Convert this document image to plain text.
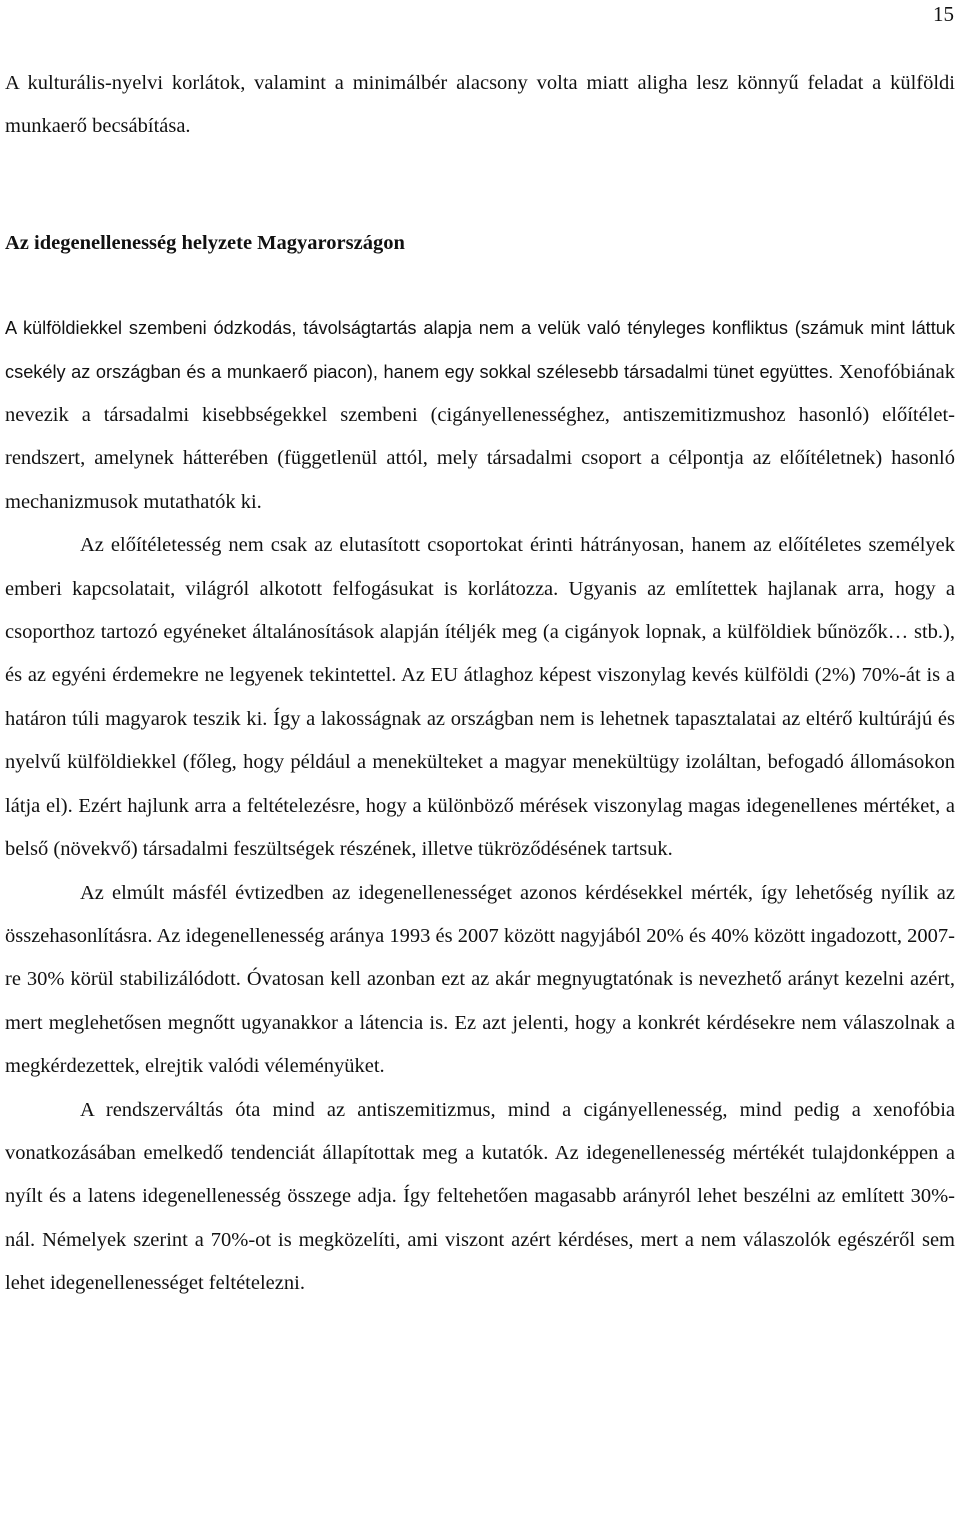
15

A kulturális-nyelvi korlátok, valamint a minimálbér alacsony volta miatt aligha lesz könnyű feladat a külföldi munkaerő becsábítása.

Az idegenellenesség helyzete Magyarországon

A külföldiekkel szembeni ódzkodás, távolságtartás alapja nem a velük való tényleges konfliktus (számuk mint láttuk csekély az országban és a munkaerő piacon), hanem egy sokkal szélesebb társadalmi tünet együttes. Xenofóbiának nevezik a társadalmi kisebbségekkel szembeni (cigányellenességhez, antiszemitizmushoz hasonló) előítélet-rendszert, amelynek hátterében (függetlenül attól, mely társadalmi csoport a célpontja az előítéletnek) hasonló mechanizmusok mutathatók ki.

Az előítéletesség nem csak az elutasított csoportokat érinti hátrányosan, hanem az előítéletes személyek emberi kapcsolatait, világról alkotott felfogásukat is korlátozza. Ugyanis az említettek hajlanak arra, hogy a csoporthoz tartozó egyéneket általánosítások alapján ítéljék meg (a cigányok lopnak, a külföldiek bűnözők… stb.), és az egyéni érdemekre ne legyenek tekintettel. Az EU átlaghoz képest viszonylag kevés külföldi (2%) 70%-át is a határon túli magyarok teszik ki. Így a lakosságnak az országban nem is lehetnek tapasztalatai az eltérő kultúrájú és nyelvű külföldiekkel (főleg, hogy például a menekülteket a magyar menekültügy izoláltan, befogadó állomásokon látja el). Ezért hajlunk arra a feltételezésre, hogy a különböző mérések viszonylag magas idegenellenes mértéket, a belső (növekvő) társadalmi feszültségek részének, illetve tükröződésének tartsuk.

Az elmúlt másfél évtizedben az idegenellenességet azonos kérdésekkel mérték, így lehetőség nyílik az összehasonlításra. Az idegenellenesség aránya 1993 és 2007 között nagyjából 20% és 40% között ingadozott, 2007-re 30% körül stabilizálódott. Óvatosan kell azonban ezt az akár megnyugtatónak is nevezhető arányt kezelni azért, mert meglehetősen megnőtt ugyanakkor a látencia is. Ez azt jelenti, hogy a konkrét kérdésekre nem válaszolnak a megkérdezettek, elrejtik valódi véleményüket.

A rendszerváltás óta mind az antiszemitizmus, mind a cigányellenesség, mind pedig a xenofóbia vonatkozásában emelkedő tendenciát állapítottak meg a kutatók. Az idegenellenesség mértékét tulajdonképpen a nyílt és a latens idegenellenesség összege adja. Így feltehetően magasabb arányról lehet beszélni az említett 30%-nál. Némelyek szerint a 70%-ot is megközelíti, ami viszont azért kérdéses, mert a nem válaszolók egészéről sem lehet idegenellenességet feltételezni.
